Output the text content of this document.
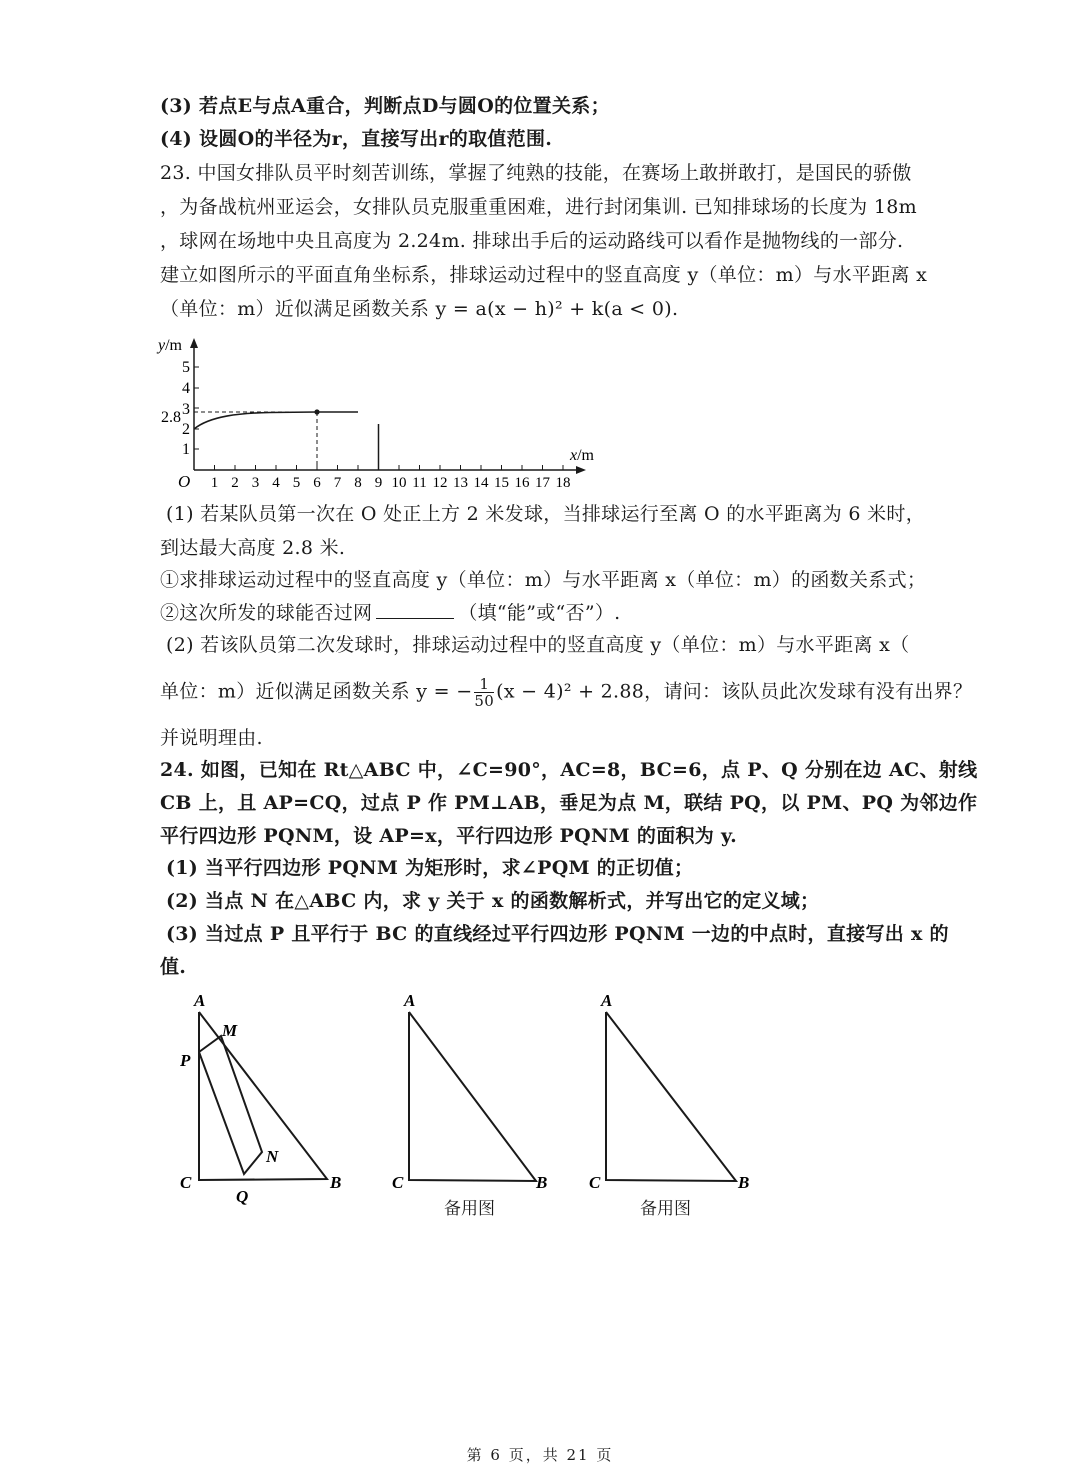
(3) 若点E与点A重合，判断点D与圆O的位置关系；
(4) 设圆O的半径为r，直接写出r的取值范围.
23. 中国女排队员平时刻苦训练，掌握了纯熟的技能，在赛场上敢拼敢打，是国民的骄傲
，为备战杭州亚运会，女排队员克服重重困难，进行封闭集训. 已知排球场的长度为 18m
，球网在场地中央且高度为 2.24m. 排球出手后的运动路线可以看作是抛物线的一部分.
建立如图所示的平面直角坐标系，排球运动过程中的竖直高度 y（单位：m）与水平距离 x
（单位：m）近似满足函数关系 y = a(x − h)² + k(a < 0).
y/m
x/m
O
1
2
3
4
5
2.8
1 2 3 4 5 6 7 8 9 10 11 12 13 14 15 16 17 18
(1) 若某队员第一次在 O 处正上方 2 米发球，当排球运行至离 O 的水平距离为 6 米时，
到达最大高度 2.8 米.
①求排球运动过程中的竖直高度 y（单位：m）与水平距离 x（单位：m）的函数关系式；
②这次所发的球能否过网	（填“能”或“否”）.
(2) 若该队员第二次发球时，排球运动过程中的竖直高度 y（单位：m）与水平距离 x（
单位：m）近似满足函数关系 y = − $\frac{1}{50} (x - 4)^2 + 2.88$，请问：该队员此次发球有没有出界？
并说明理由.
24. 如图，已知在 Rt△ABC 中，∠C=90°，AC=8，BC=6，点 P、Q 分别在边 AC、射线
CB 上，且 AP=CQ，过点 P 作 PM⊥AB，垂足为点 M，联结 PQ，以 PM、PQ 为邻边作
平行四边形 PQNM，设 AP=x，平行四边形 PQNM 的面积为 y.
(1) 当平行四边形 PQNM 为矩形时，求∠PQM 的正切值；
(2) 当点 N 在△ABC 内，求 y 关于 x 的函数解析式，并写出它的定义域；
(3) 当过点 P 且平行于 BC 的直线经过平行四边形 PQNM 一边的中点时，直接写出 x 的
值.
A
M
P
N
C
Q
B
A
C	B
备用图
A
C	B
备用图
第 6 页，共 21 页
